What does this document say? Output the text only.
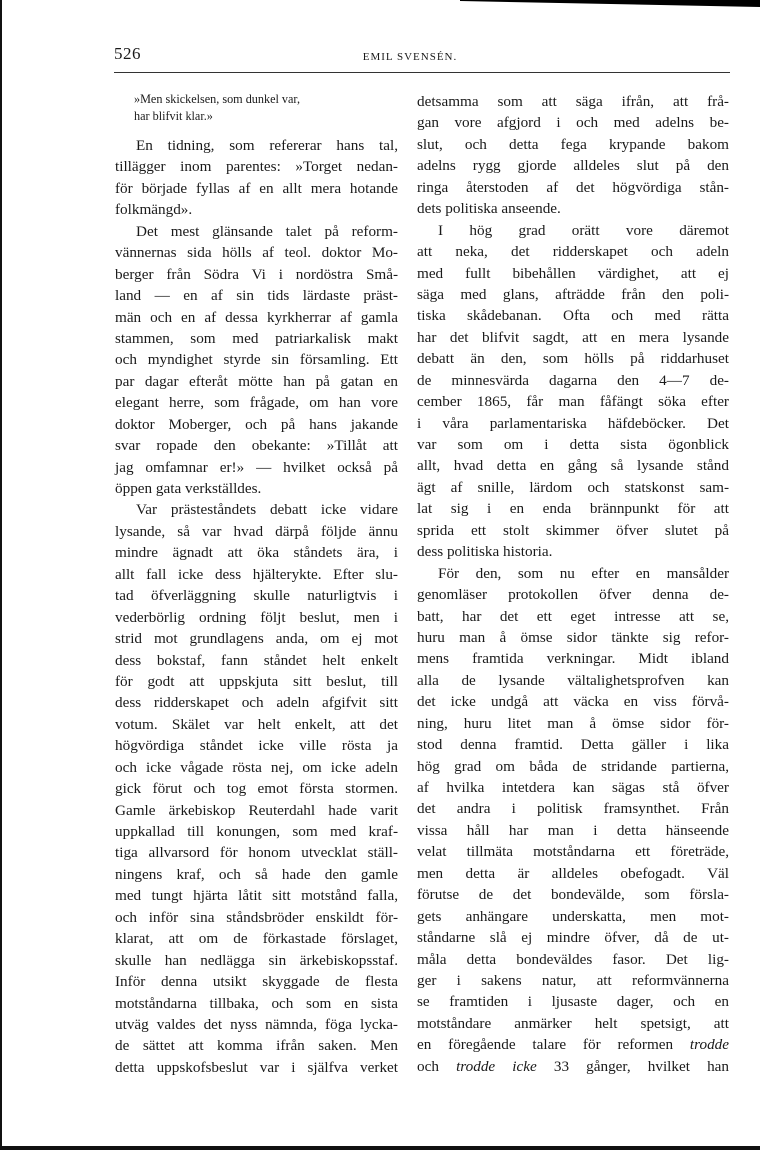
526	EMIL SVENSÉN.
»Men skickelsen, som dunkel var,
har blifvit klar.»
En tidning, som refererar hans tal,
tillägger inom parentes: »Torget nedan-
för började fyllas af en allt mera hotande
folkmängd».
Det mest glänsande talet på reform-
vännernas sida hölls af teol. doktor Mo-
berger från Södra Vi i nordöstra Små-
land — en af sin tids lärdaste präst-
män och en af dessa kyrkherrar af gamla
stammen, som med patriarkalisk makt
och myndighet styrde sin församling. Ett
par dagar efteråt mötte han på gatan en
elegant herre, som frågade, om han vore
doktor Moberger, och på hans jakande
svar ropade den obekante: »Tillåt att
jag omfamnar er!» — hvilket också på
öppen gata verkställdes.
Var prästeståndets debatt icke vidare
lysande, så var hvad därpå följde ännu
mindre ägnadt att öka ståndets ära, i
allt fall icke dess hjälterykte. Efter slu-
tad öfverläggning skulle naturligtvis i
vederbörlig ordning följt beslut, men i
strid mot grundlagens anda, om ej mot
dess bokstaf, fann ståndet helt enkelt
för godt att uppskjuta sitt beslut, till
dess ridderskapet och adeln afgifvit sitt
votum. Skälet var helt enkelt, att det
högvördiga ståndet icke ville rösta ja
och icke vågade rösta nej, om icke adeln
gick förut och tog emot första stormen.
Gamle ärkebiskop Reuterdahl hade varit
uppkallad till konungen, som med kraf-
tiga allvarsord för honom utvecklat ställ-
ningens kraf, och så hade den gamle
med tungt hjärta låtit sitt motstånd falla,
och inför sina ståndsbröder enskildt för-
klarat, att om de förkastade förslaget,
skulle han nedlägga sin ärkebiskopsstaf.
Inför denna utsikt skyggade de flesta
motståndarna tillbaka, och som en sista
utväg valdes det nyss nämnda, föga lycka-
de sättet att komma ifrån saken. Men
detta uppskofsbeslut var i själfva verket
detsamma som att säga ifrån, att frå-
gan vore afgjord i och med adelns be-
slut, och detta fega krypande bakom
adelns rygg gjorde alldeles slut på den
ringa återstoden af det högvördiga stån-
dets politiska anseende.
I hög grad orätt vore däremot
att neka, det ridderskapet och adeln
med fullt bibehållen värdighet, att ej
säga med glans, afträdde från den poli-
tiska skådebanan. Ofta och med rätta
har det blifvit sagdt, att en mera lysande
debatt än den, som hölls på riddarhuset
de minnesvärda dagarna den 4—7 de-
cember 1865, får man fåfängt söka efter
i våra parlamentariska häfdeböcker. Det
var som om i detta sista ögonblick
allt, hvad detta en gång så lysande stånd
ägt af snille, lärdom och statskonst sam-
lat sig i en enda brännpunkt för att
sprida ett stolt skimmer öfver slutet på
dess politiska historia.
För den, som nu efter en mansålder
genomläser protokollen öfver denna de-
batt, har det ett eget intresse att se,
huru man å ömse sidor tänkte sig refor-
mens framtida verkningar. Midt ibland
alla de lysande vältalighetsprofven kan
det icke undgå att väcka en viss förvå-
ning, huru litet man å ömse sidor för-
stod denna framtid. Detta gäller i lika
hög grad om båda de stridande partierna,
af hvilka intetdera kan sägas stå öfver
det andra i politisk framsynthet. Från
vissa håll har man i detta hänseende
velat tillmäta motståndarna ett företräde,
men detta är alldeles obefogadt. Väl
förutse de det bondevälde, som försla-
gets anhängare underskatta, men mot-
ståndarne slå ej mindre öfver, då de ut-
måla detta bondeväldes fasor. Det lig-
ger i sakens natur, att reformvännerna
se framtiden i ljusaste dager, och en
motståndare anmärker helt spetsigt, att
en föregående talare för reformen trodde
och trodde icke 33 gånger, hvilket han
